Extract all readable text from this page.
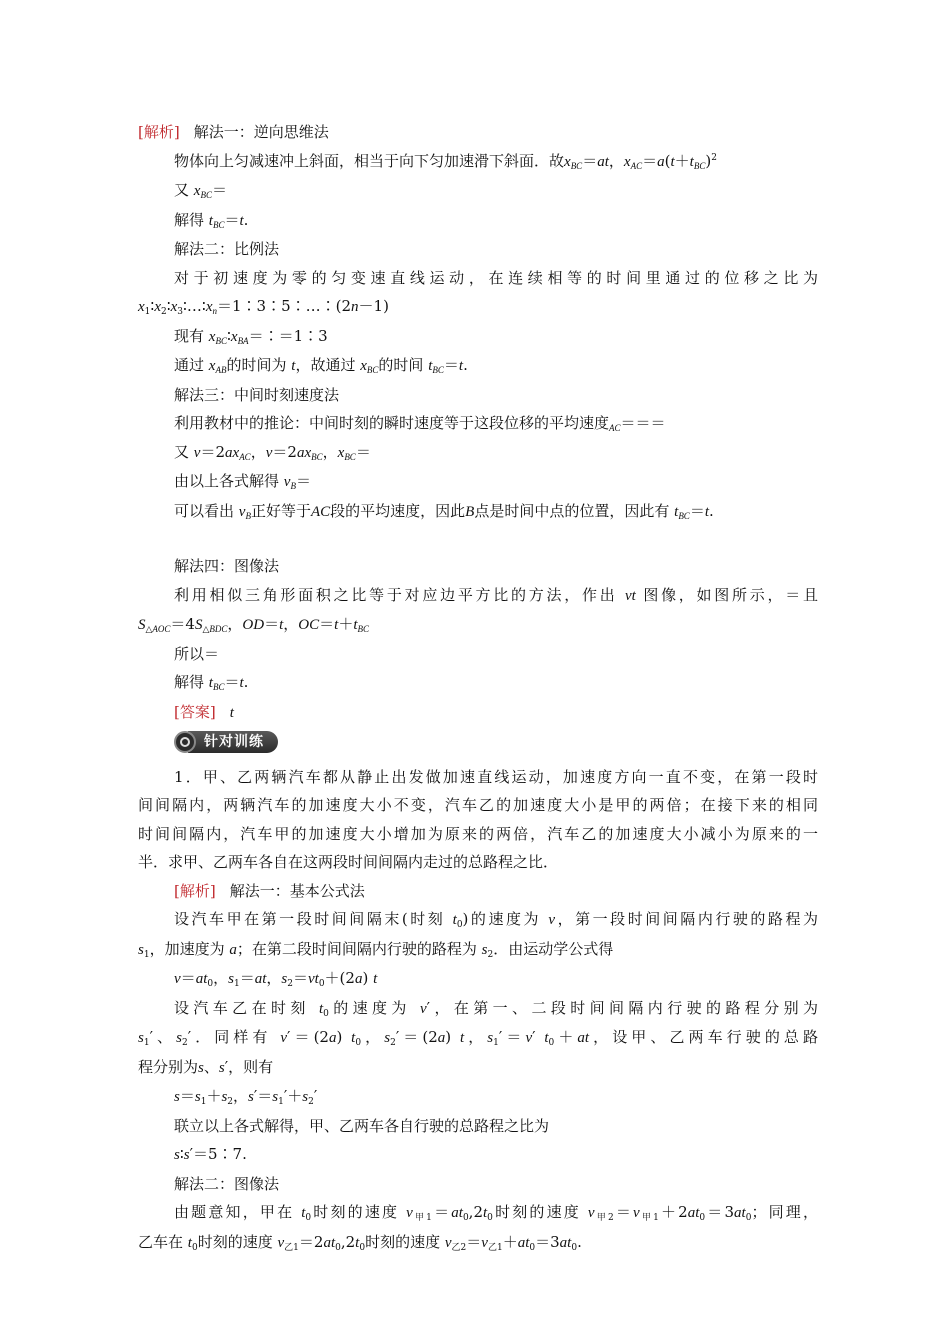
[解析] 解法一：逆向思维法
物体向上匀减速冲上斜面，相当于向下匀加速滑下斜面．故$x_{BC}=at$，$x_{AC}=a(t+t_{BC})^2$
又 $x_{BC}=$
解得 $t_{BC}=t$.
解法二：比例法
对于初速度为零的匀变速直线运动，在连续相等的时间里通过的位移之比为
$x_1∶x_2∶x_3∶\dots∶x_n=1∶3∶5∶\dots∶(2n-1)$
现有 $x_{BC}∶x_{BA}=∶=1∶3$
通过 $x_{AB}$的时间为 t，故通过 $x_{BC}$的时间 $t_{BC}=t$.
解法三：中间时刻速度法
利用教材中的推论：中间时刻的瞬时速度等于这段位移的平均速度$_{AC}$＝＝＝
又 $v=2ax_{AC}$，$v=2ax_{BC}$，$x_{BC}=$
由以上各式解得 $v_B=$
可以看出 $v_B$正好等于AC段的平均速度，因此B点是时间中点的位置，因此有 $t_{BC}=t$.
解法四：图像法
利用相似三角形面积之比等于对应边平方比的方法，作出 vt 图像，如图所示，＝且
$S_{\triangle AOC}=4S_{\triangle BDC}$，OD＝t，$OC=t+t_{BC}$
所以＝
解得 $t_{BC}=t$.
[答案] t
针对训练
1．甲、乙两辆汽车都从静止出发做加速直线运动，加速度方向一直不变，在第一段时
间间隔内，两辆汽车的加速度大小不变，汽车乙的加速度大小是甲的两倍；在接下来的相同
时间间隔内，汽车甲的加速度大小增加为原来的两倍，汽车乙的加速度大小减小为原来的一
半．求甲、乙两车各自在这两段时间间隔内走过的总路程之比．
[解析] 解法一：基本公式法
设汽车甲在第一段时间间隔末(时刻 $t_0$)的速度为 v，第一段时间间隔内行驶的路程为
$s_1$，加速度为 a；在第二段时间间隔内行驶的路程为 $s_2$．由运动学公式得
$v=at_0$，$s_1=at$，$s_2=vt_0+(2a)$ t
设汽车乙在时刻 $t_0$的速度为 v′，在第一、二段时间间隔内行驶的路程分别为
$s_1'$、$s_2'$．同样有 v′＝(2a) $t_0$，$s_2'=(2a)$ t，$s_1'=v'$ $t_0+at$，设甲、乙两车行驶的总路
程分别为s、s′，则有
$s=s_1+s_2$，$s'=s_1'+s_2'$
联立以上各式解得，甲、乙两车各自行驶的总路程之比为
s∶s′＝5∶7.
解法二：图像法
由题意知，甲在 $t_0$时刻的速度 $v_{甲1}=at_0,2t_0$时刻的速度 $v_{甲2}=v_{甲1}+2at_0=3at_0$；同理，
乙车在 $t_0$时刻的速度 $v_{乙1}=2at_0,2t_0$时刻的速度 $v_{乙2}=v_{乙1}+at_0=3at_0$.
